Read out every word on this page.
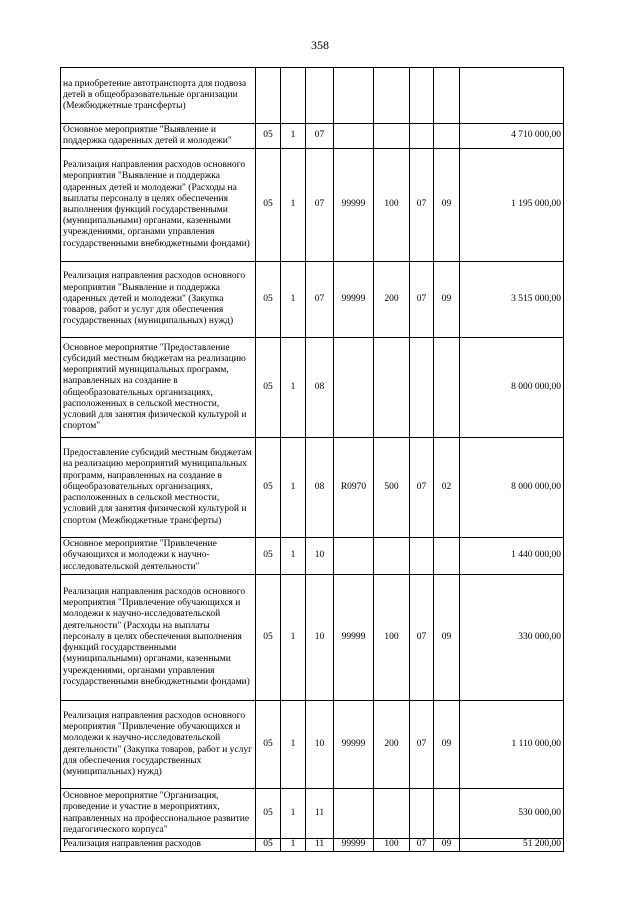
358
на приобретение автотранспорта для подвоза детей в общеобразовательные организации (Межбюджетные трансферты)								
Основное мероприятие "Выявление и поддержка одаренных детей и молодежи"	05	1	07					4 710 000,00
Реализация направления расходов основного мероприятия "Выявление и поддержка одаренных детей и молодежи" (Расходы на выплаты персоналу в целях обеспечения выполнения функций государственными (муниципальными) органами, казенными учреждениями, органами управления государственными внебюджетными фондами)	05	1	07	99999	100	07	09	1 195 000,00
Реализация направления расходов основного мероприятия "Выявление и поддержка одаренных детей и молодежи" (Закупка товаров, работ и услуг для обеспечения государственных (муниципальных) нужд)	05	1	07	99999	200	07	09	3 515 000,00
Основное мероприятие "Предоставление субсидий местным бюджетам на реализацию мероприятий муниципальных программ, направленных на создание в общеобразовательных организациях, расположенных в сельской местности, условий для занятия физической культурой и спортом"	05	1	08					8 000 000,00
Предоставление субсидий местным бюджетам на реализацию мероприятий муниципальных программ, направленных на создание в общеобразовательных организациях, расположенных в сельской местности, условий для занятия физической культурой и спортом (Межбюджетные трансферты)	05	1	08	R0970	500	07	02	8 000 000,00
Основное мероприятие "Привлечение обучающихся и молодежи к научно-исследовательской деятельности"	05	1	10					1 440 000,00
Реализация направления расходов основного мероприятия "Привлечение обучающихся и молодежи к научно-исследовательской деятельности" (Расходы на выплаты персоналу в целях обеспечения выполнения функций государственными (муниципальными) органами, казенными учреждениями, органами управления государственными внебюджетными фондами)	05	1	10	99999	100	07	09	330 000,00
Реализация направления расходов основного мероприятия "Привлечение обучающихся и молодежи к научно-исследовательской деятельности" (Закупка товаров, работ и услуг для обеспечения государственных (муниципальных) нужд)	05	1	10	99999	200	07	09	1 110 000,00
Основное мероприятие "Организация, проведение и участие в мероприятиях, направленных на профессиональное развитие педагогического корпуса"	05	1	11					530 000,00
Реализация направления расходов	05	1	11	99999	100	07	09	51 200,00
